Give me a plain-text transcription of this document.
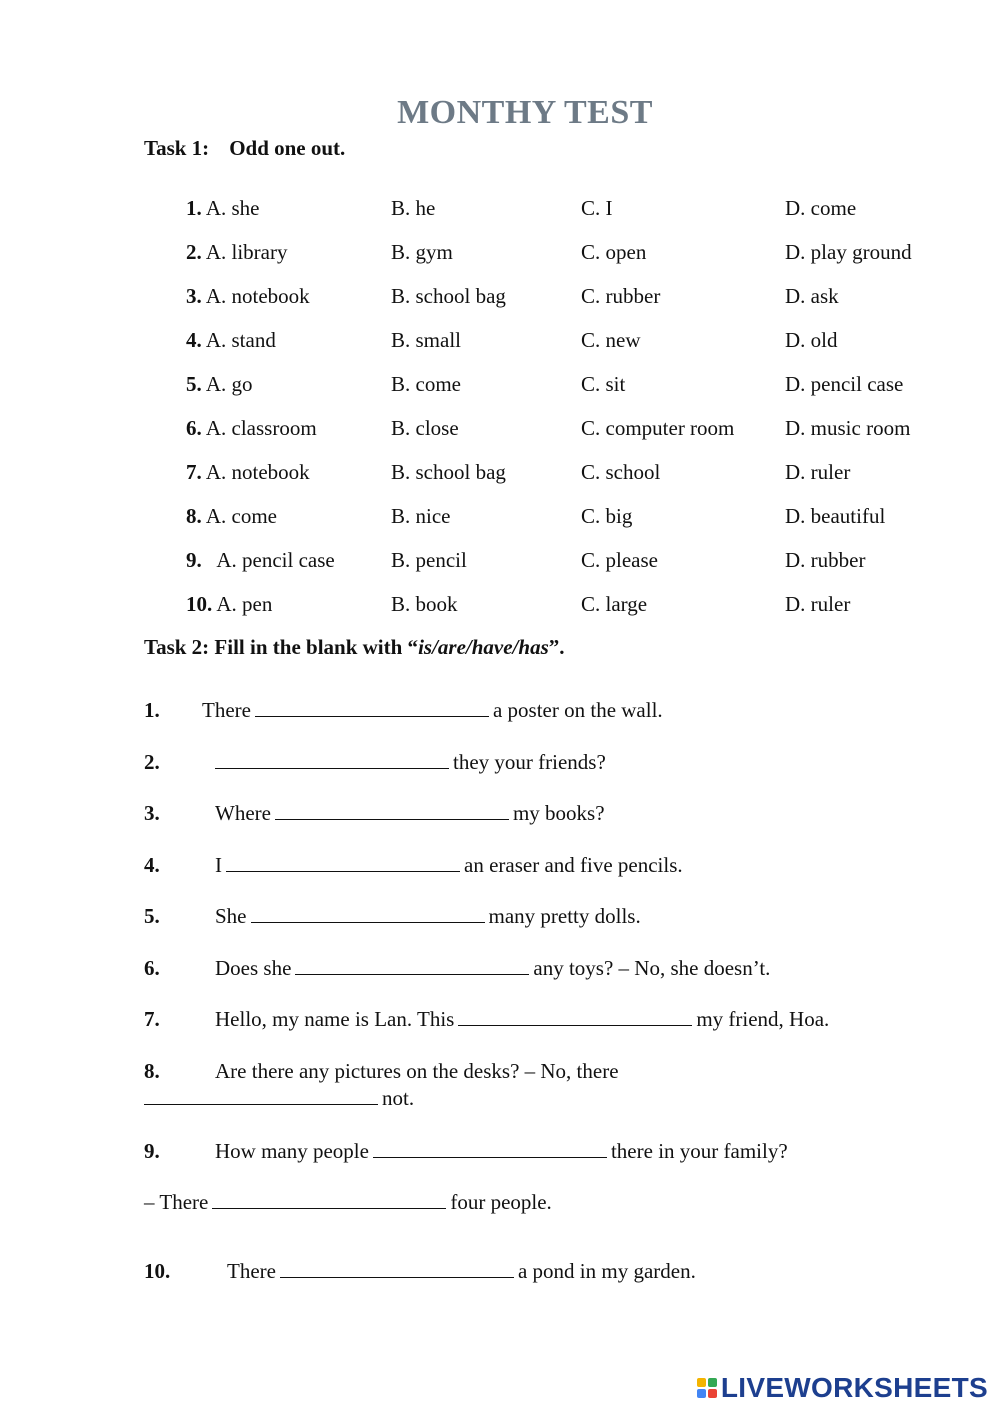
MONTHY TEST
Task 1: Odd one out.
1. A. she	B. he	C. I	D. come
2. A. library	B. gym	C. open	D. play ground
3. A. notebook	B. school bag	C. rubber	D. ask
4. A. stand	B. small	C. new	D. old
5. A. go	B. come	C. sit	D. pencil case
6. A. classroom	B. close	C. computer room D. music room
7. A. notebook	B. school bag	C. school	D. ruler
8. A. come	B. nice	C. big	D. beautiful
9. A. pencil case	B. pencil	C. please	D. rubber
10. A. pen	B. book	C. large	D. ruler
Task 2: Fill in the blank with “is/are/have/has”.
1. There	a poster on the wall.
2.	they your friends?
3.	Where	my books?
4.	I	an eraser and five pencils.
5.	She	many pretty dolls.
6.	Does she	any toys? – No, she doesn’t.
7.	Hello, my name is Lan. This	my friend, Hoa.
8.	Are there any pictures on the desks? – No, there
not.
9.	How many people	there in your family?
– There	four people.
10.	There	a pond in my garden.
LIVEWORKSHEETS
